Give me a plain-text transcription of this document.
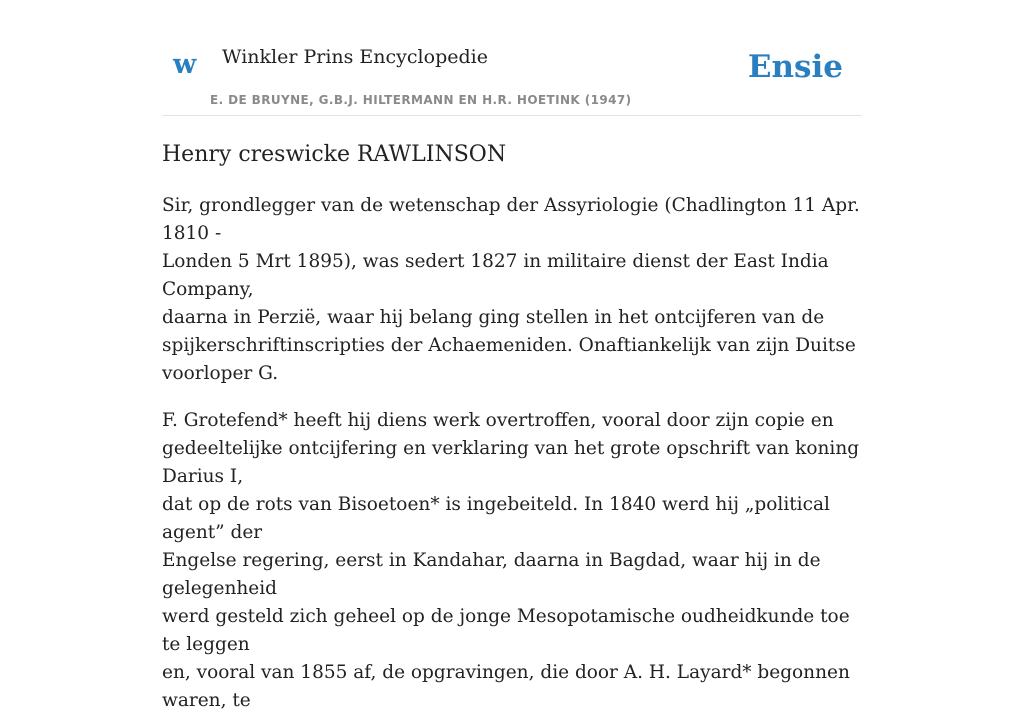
w Winkler Prins Encyclopedie
E. DE BRUYNE, G.B.J. HILTERMANN EN H.R. HOETINK (1947)
Ensie
Henry creswicke RAWLINSON

Sir, grondlegger van de wetenschap der Assyriologie (Chadlington 11 Apr. 1810 -
Londen 5 Mrt 1895), was sedert 1827 in militaire dienst der East India Company,
daarna in Perzië, waar hij belang ging stellen in het ontcijferen van de
spijkerschriftinscripties der Achaemeniden. Onaftiankelijk van zijn Duitse
voorloper G.

F. Grotefend* heeft hij diens werk overtroffen, vooral door zijn copie en
gedeeltelijke ontcijfering en verklaring van het grote opschrift van koning Darius I,
dat op de rots van Bisoetoen* is ingebeiteld. In 1840 werd hij „political agent” der
Engelse regering, eerst in Kandahar, daarna in Bagdad, waar hij in de gelegenheid
werd gesteld zich geheel op de jonge Mesopotamische oudheidkunde toe te leggen
en, vooral van 1855 af, de opgravingen, die door A. H. Layard* begonnen waren, te
